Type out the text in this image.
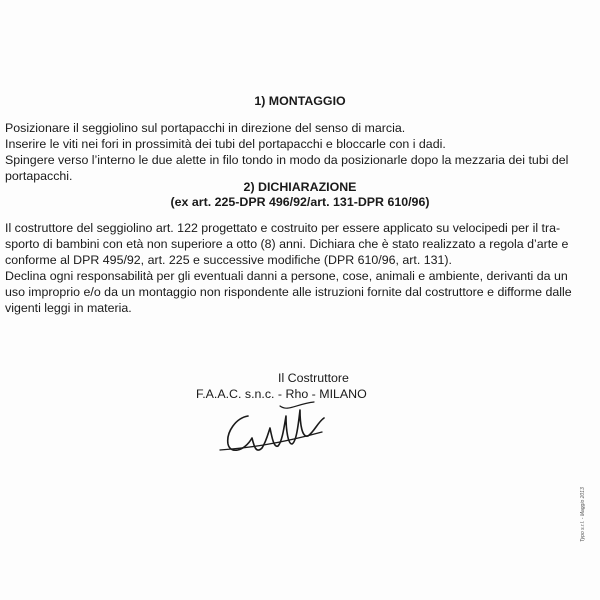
1) MONTAGGIO
Posizionare il seggiolino sul portapacchi in direzione del senso di marcia.
Inserire le viti nei fori in prossimità dei tubi del portapacchi e bloccarle con i dadi.
Spingere verso l’interno le due alette in filo tondo in modo da posizionarle dopo la mezzaria dei tubi del
portapacchi.
2) DICHIARAZIONE
(ex art. 225-DPR 496/92/art. 131-DPR 610/96)
Il costruttore del seggiolino art. 122 progettato e costruito per essere applicato su velocipedi per il tra-
sporto di bambini con età non superiore a otto (8) anni. Dichiara che è stato realizzato a regola d’arte e
conforme al DPR 495/92, art. 225 e successive modifiche (DPR 610/96, art. 131).
Declina ogni responsabilità per gli eventuali danni a persone, cose, animali e ambiente, derivanti da un
uso improprio e/o da un montaggio non rispondente alle istruzioni fornite dal costruttore e difforme dalle
vigenti leggi in materia.
Il Costruttore
F.A.A.C. s.n.c. - Rho - MILANO
Typo s.r.l. - Maggio 2013
